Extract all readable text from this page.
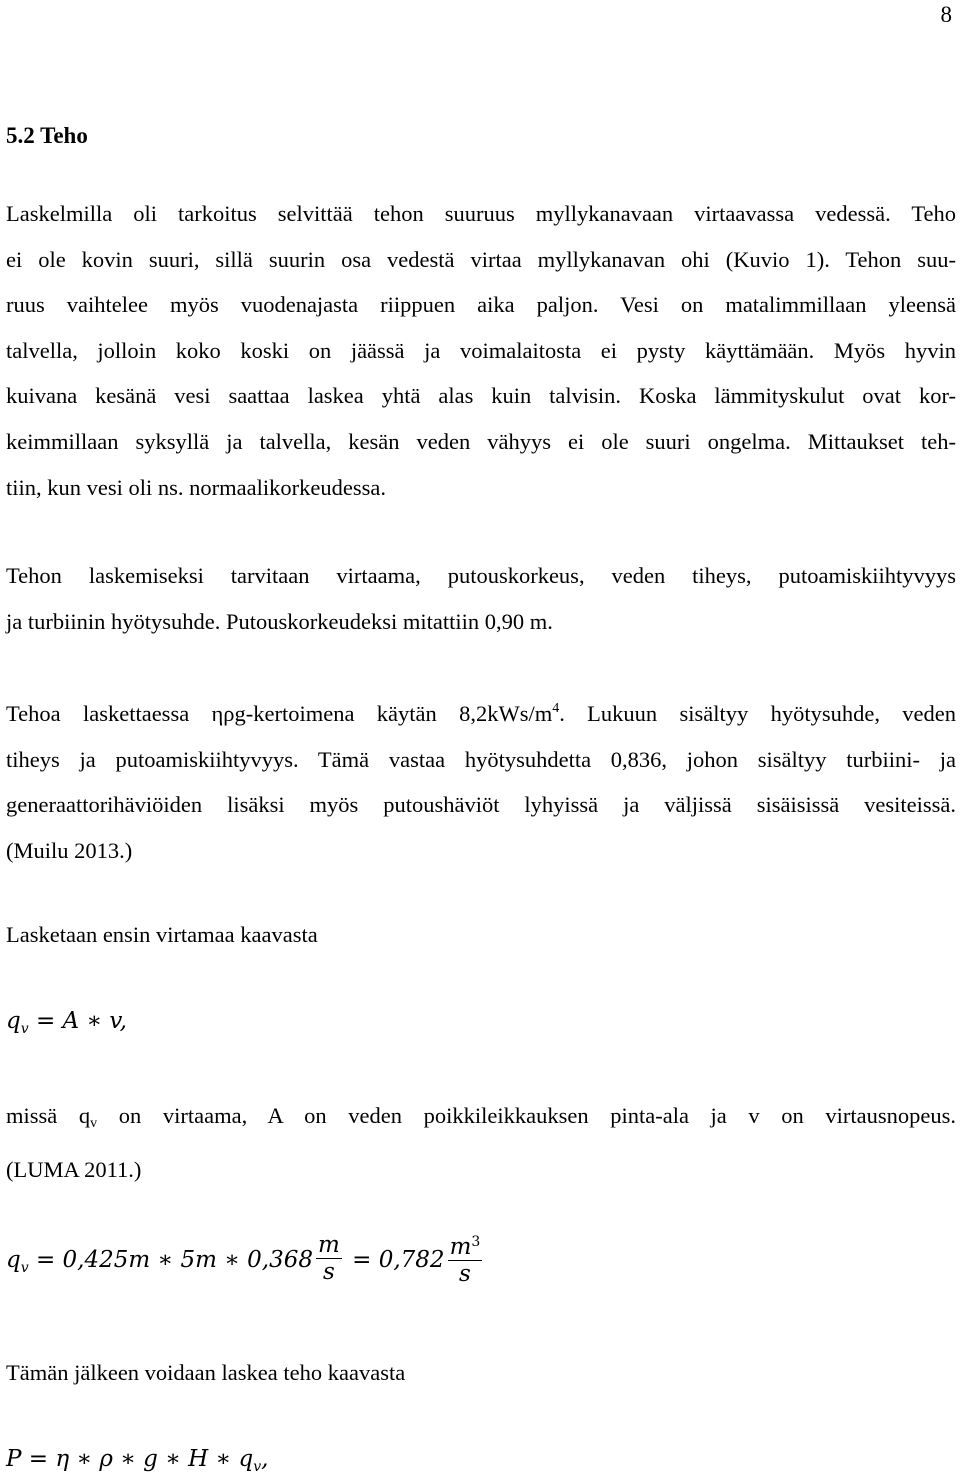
8
5.2 Teho
Laskelmilla oli tarkoitus selvittää tehon suuruus myllykanavaan virtaavassa vedessä. Teho
ei ole kovin suuri, sillä suurin osa vedestä virtaa myllykanavan ohi (Kuvio 1). Tehon suu-
ruus vaihtelee myös vuodenajasta riippuen aika paljon. Vesi on matalimmillaan yleensä
talvella, jolloin koko koski on jäässä ja voimalaitosta ei pysty käyttämään. Myös hyvin
kuivana kesänä vesi saattaa laskea yhtä alas kuin talvisin. Koska lämmityskulut ovat kor-
keimmillaan syksyllä ja talvella, kesän veden vähyys ei ole suuri ongelma. Mittaukset teh-
tiin, kun vesi oli ns. normaalikorkeudessa.
Tehon laskemiseksi tarvitaan virtaama, putouskorkeus, veden tiheys, putoamiskiihtyvyys
ja turbiinin hyötysuhde. Putouskorkeudeksi mitattiin 0,90 m.
Tehoa laskettaessa ηρg-kertoimena käytän $8,2kWs/m^4$. Lukuun sisältyy hyötysuhde, veden
tiheys ja putoamiskiihtyvyys. Tämä vastaa hyötysuhdetta 0,836, johon sisältyy turbiini- ja
generaattorihäviöiden lisäksi myös putoushäviöt lyhyissä ja väljissä sisäisissä vesiteissä.
(Muilu 2013.)
Lasketaan ensin virtamaa kaavasta
$q_v = A$ ∗ v,
missä $q_v$ on virtaama, A on veden poikkileikkauksen pinta-ala ja v on virtausnopeus.
(LUMA 2011.)
$q_v = 0,425m$ ∗ 5m ∗ $0,368 \frac{m}{s} = 0,782 \frac{m^3}{s}$
Tämän jälkeen voidaan laskea teho kaavasta
P = η ∗ ρ ∗ g ∗ H ∗ $q_v$,
